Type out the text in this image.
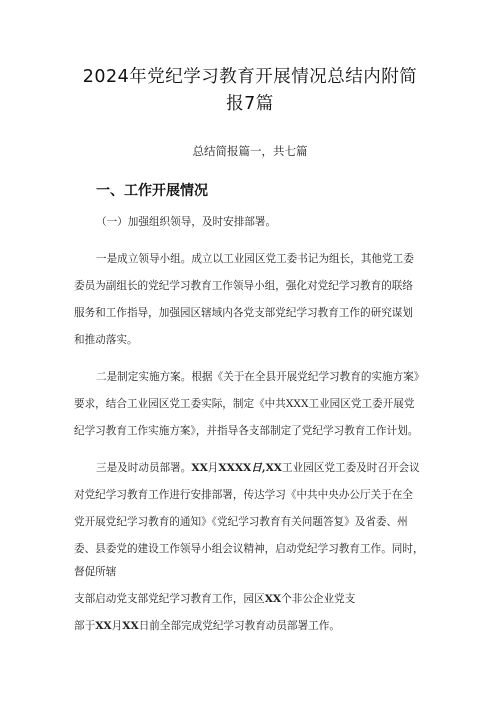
2024年党纪学习教育开展情况总结内附简
报7篇
总结简报篇一，共七篇
一、工作开展情况
（一）加强组织领导，及时安排部署。
一是成立领导小组。成立以工业园区党工委书记为组长，其他党工委
委员为副组长的党纪学习教育工作领导小组，强化对党纪学习教育的联络
服务和工作指导，加强园区辖域内各党支部党纪学习教育工作的研究谋划
和推动落实。
二是制定实施方案。根据《关于在全县开展党纪学习教育的实施方案》
要求，结合工业园区党工委实际，制定《中共XXX工业园区党工委开展党
纪学习教育工作实施方案》，并指导各支部制定了党纪学习教育工作计划。
三是及时动员部署。XX月XXXX日,XX工业园区党工委及时召开会议
对党纪学习教育工作进行安排部署，传达学习《中共中央办公厅关于在全
党开展党纪学习教育的通知》《党纪学习教育有关问题答复》及省委、州
委、县委党的建设工作领导小组会议精神，启动党纪学习教育工作。同时，
督促所辖
支部启动党支部党纪学习教育工作，园区XX个非公企业党支
部于XX月XX日前全部完成党纪学习教育动员部署工作。
